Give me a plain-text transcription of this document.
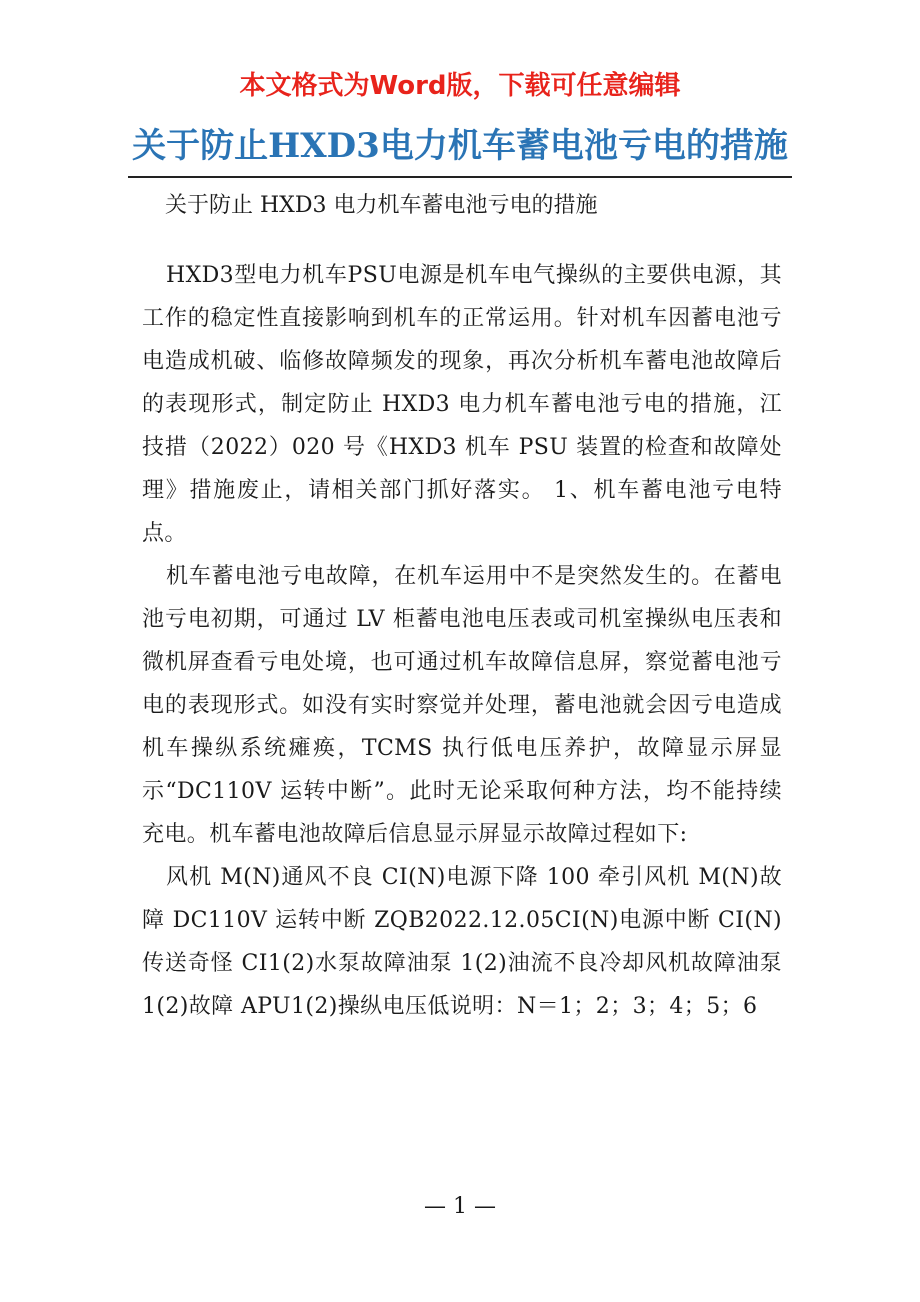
本文格式为Word版，下载可任意编辑
关于防止HXD3电力机车蓄电池亏电的措施
关于防止 HXD3 电力机车蓄电池亏电的措施

HXD3型电力机车PSU电源是机车电气操纵的主要供电源，其工作的稳定性直接影响到机车的正常运用。针对机车因蓄电池亏电造成机破、临修故障频发的现象，再次分析机车蓄电池故障后的表现形式，制定防止 HXD3 电力机车蓄电池亏电的措施，江技措（2022）020 号《HXD3 机车 PSU 装置的检查和故障处理》措施废止，请相关部门抓好落实。 1、机车蓄电池亏电特点。

机车蓄电池亏电故障，在机车运用中不是突然发生的。在蓄电池亏电初期，可通过 LV 柜蓄电池电压表或司机室操纵电压表和微机屏查看亏电处境，也可通过机车故障信息屏，察觉蓄电池亏电的表现形式。如没有实时察觉并处理，蓄电池就会因亏电造成机车操纵系统瘫痪，TCMS 执行低电压养护，故障显示屏显示“DC110V 运转中断”。此时无论采取何种方法，均不能持续充电。机车蓄电池故障后信息显示屏显示故障过程如下:

风机 M(N)通风不良 CI(N)电源下降 100 牵引风机 M(N)故障 DC110V 运转中断 ZQB2022.12.05CI(N)电源中断 CI(N)传送奇怪 CI1(2)水泵故障油泵 1(2)油流不良冷却风机故障油泵 1(2)故障 APU1(2)操纵电压低说明：N＝1；2；3；4；5；6

— 1 —
